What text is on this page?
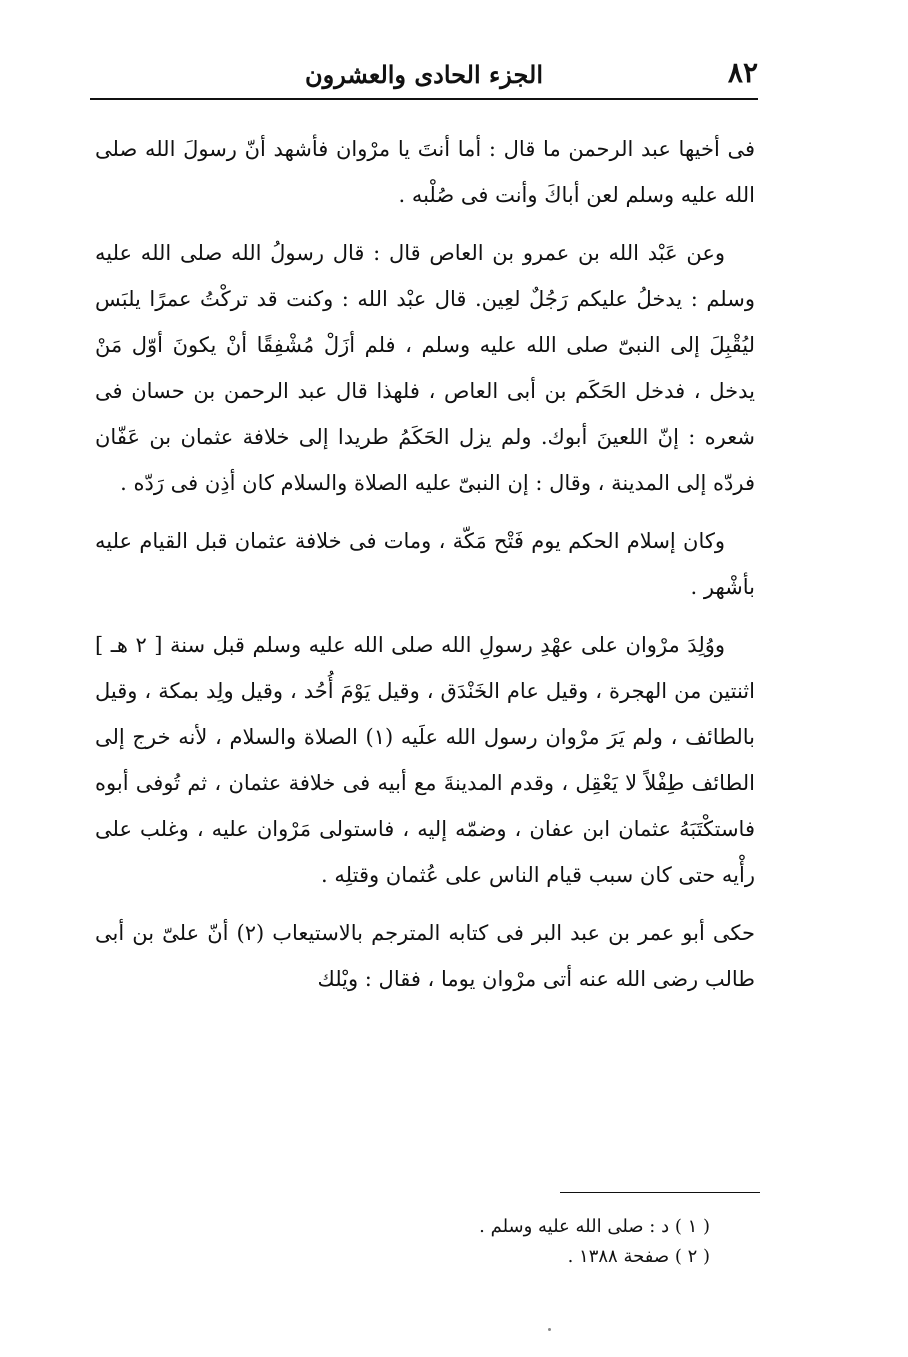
٨٢
الجزء الحادى والعشرون

فى أخيها عبد الرحمن ما قال : أما أنتَ يا مرْوان فأشهد أنّ رسولَ الله صلى الله عليه وسلم لعن أباكَ وأنت فى صُلْبه .

وعن عَبْد الله بن عمرو بن العاص قال : قال رسولُ الله صلى الله عليه وسلم : يدخلُ عليكم رَجُلٌ لعِين. قال عبْد الله : وكنت قد تركْتُ عمرًا يلبَس ليُقْبِلَ إلى النبىّ صلى الله عليه وسلم ، فلم أزَلْ مُشْفِقًا أنْ يكونَ أوّل مَنْ يدخل ، فدخل الحَكَم بن أبى العاص ، فلهذا قال عبد الرحمن بن حسان فى شعره : إنّ اللعينَ أبوك. ولم يزل الحَكَمُ طريدا إلى خلافة عثمان بن عَفّان فردّه إلى المدينة ، وقال : إن النبىّ عليه الصلاة والسلام كان أذِن فى رَدّه .

وكان إسلام الحكم يوم فَتْح مَكّة ، ومات فى خلافة عثمان قبل القيام عليه بأشْهر .

ووُلِدَ مرْوان على عهْدِ رسولِ الله صلى الله عليه وسلم قبل سنة [ ٢ هـ ] اثنتين من الهجرة ، وقيل عام الخَنْدَق ، وقيل يَوْمَ أُحُد ، وقيل ولِد بمكة ، وقيل بالطائف ، ولم يَرَ مرْوان رسول الله علَيه (١) الصلاة والسلام ، لأنه خرج إلى الطائف طِفْلاً لا يَعْقِل ، وقدم المدينةَ مع أبيه فى خلافة عثمان ، ثم تُوفى أبوه فاستكْتَبَهُ عثمان ابن عفان ، وضمّه إليه ، فاستولى مَرْوان عليه ، وغلب على رأْيه حتى كان سبب قيام الناس على عُثمان وقتلِه .

حكى أبو عمر بن عبد البر فى كتابه المترجم بالاستيعاب (٢) أنّ علىّ بن أبى طالب رضى الله عنه أتى مرْوان يوما ، فقال : ويْلك

( ١ ) د : صلى الله عليه وسلم .
( ٢ ) صفحة ١٣٨٨ .
